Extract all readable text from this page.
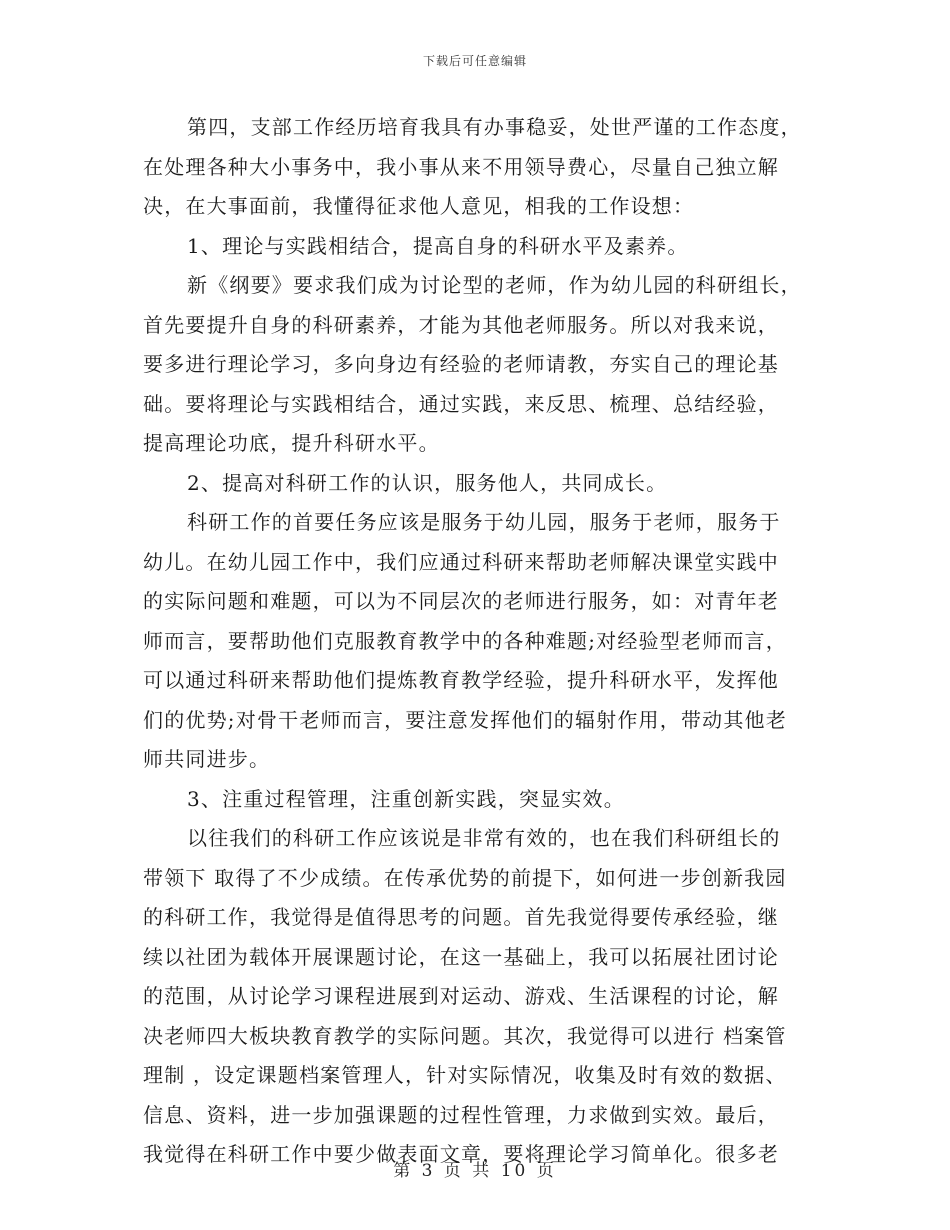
下载后可任意编辑
第四，支部工作经历培育我具有办事稳妥，处世严谨的工作态度，
在处理各种大小事务中，我小事从来不用领导费心，尽量自己独立解
决，在大事面前，我懂得征求他人意见，相我的工作设想：
1、理论与实践相结合，提高自身的科研水平及素养。
新《纲要》要求我们成为讨论型的老师，作为幼儿园的科研组长，
首先要提升自身的科研素养，才能为其他老师服务。所以对我来说，
要多进行理论学习，多向身边有经验的老师请教，夯实自己的理论基
础。要将理论与实践相结合，通过实践，来反思、梳理、总结经验，
提高理论功底，提升科研水平。
2、提高对科研工作的认识，服务他人，共同成长。
科研工作的首要任务应该是服务于幼儿园，服务于老师，服务于
幼儿。在幼儿园工作中，我们应通过科研来帮助老师解决课堂实践中
的实际问题和难题，可以为不同层次的老师进行服务，如：对青年老
师而言，要帮助他们克服教育教学中的各种难题;对经验型老师而言，
可以通过科研来帮助他们提炼教育教学经验，提升科研水平，发挥他
们的优势;对骨干老师而言，要注意发挥他们的辐射作用，带动其他老
师共同进步。
3、注重过程管理，注重创新实践，突显实效。
以往我们的科研工作应该说是非常有效的，也在我们科研组长的
带领下 取得了不少成绩。在传承优势的前提下，如何进一步创新我园
的科研工作，我觉得是值得思考的问题。首先我觉得要传承经验，继
续以社团为载体开展课题讨论，在这一基础上，我可以拓展社团讨论
的范围，从讨论学习课程进展到对运动、游戏、生活课程的讨论，解
决老师四大板块教育教学的实际问题。其次，我觉得可以进行 档案管
理制 ，设定课题档案管理人，针对实际情况，收集及时有效的数据、
信息、资料，进一步加强课题的过程性管理，力求做到实效。最后，
我觉得在科研工作中要少做表面文章，要将理论学习简单化。很多老
第 3 页 共 10 页
